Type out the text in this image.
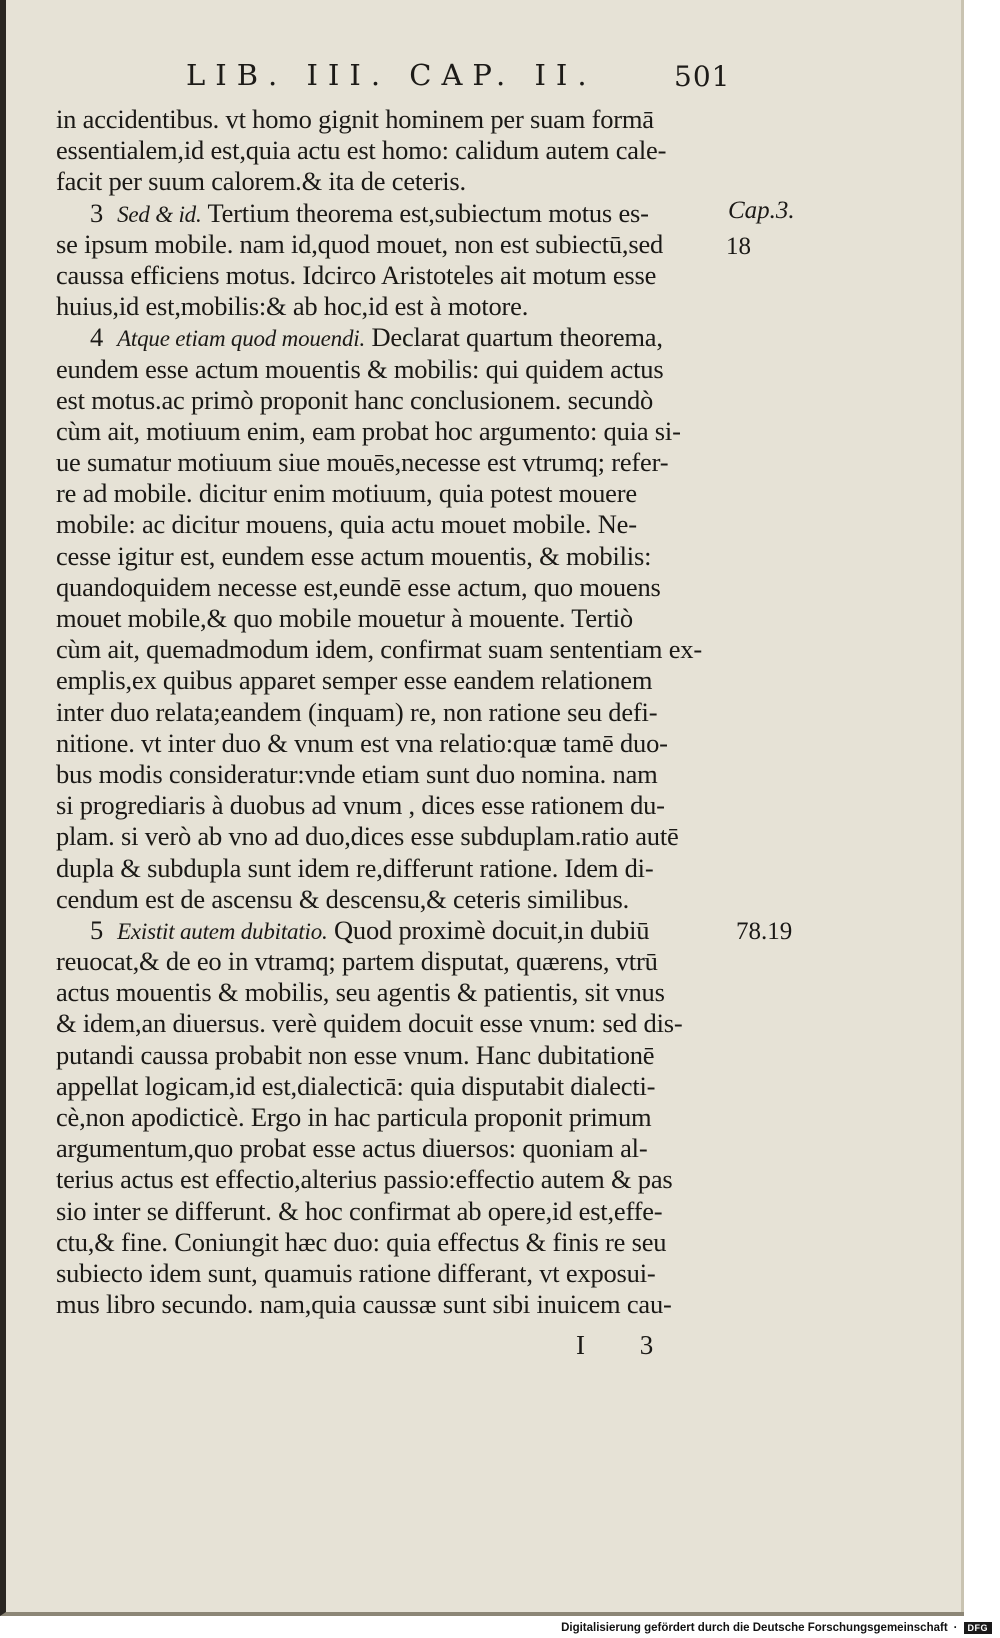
LIB. III. CAP. II.	501
in accidentibus. vt homo gignit hominem per suam formā
essentialem,id est,quia actu est homo: calidum autem cale-
facit per suum calorem.& ita de ceteris.
3 Sed & id. Tertium theorema est,subiectum motus es-
se ipsum mobile. nam id,quod mouet, non est subiectū,sed
caussa efficiens motus. Idcirco Aristoteles ait motum esse
huius,id est,mobilis:& ab hoc,id est à motore.
4 Atque etiam quod mouendi. Declarat quartum theorema,
eundem esse actum mouentis & mobilis: qui quidem actus
est motus.ac primò proponit hanc conclusionem. secundò
cùm ait, motiuum enim, eam probat hoc argumento: quia si-
ue sumatur motiuum siue mouēs,necesse est vtrumq; refer-
re ad mobile. dicitur enim motiuum, quia potest mouere
mobile: ac dicitur mouens, quia actu mouet mobile. Ne-
cesse igitur est, eundem esse actum mouentis, & mobilis:
quandoquidem necesse est,eundē esse actum, quo mouens
mouet mobile,& quo mobile mouetur à mouente. Tertiò
cùm ait, quemadmodum idem, confirmat suam sententiam ex-
emplis,ex quibus apparet semper esse eandem relationem
inter duo relata;eandem (inquam) re, non ratione seu defi-
nitione. vt inter duo & vnum est vna relatio:quæ tamē duo-
bus modis consideratur:vnde etiam sunt duo nomina. nam
si progrediaris à duobus ad vnum , dices esse rationem du-
plam. si verò ab vno ad duo,dices esse subduplam.ratio autē
dupla & subdupla sunt idem re,differunt ratione. Idem di-
cendum est de ascensu & descensu,& ceteris similibus.
5 Existit autem dubitatio. Quod proximè docuit,in dubiū
reuocat,& de eo in vtramq; partem disputat, quærens, vtrū
actus mouentis & mobilis, seu agentis & patientis, sit vnus
& idem,an diuersus. verè quidem docuit esse vnum: sed dis-
putandi caussa probabit non esse vnum. Hanc dubitationē
appellat logicam,id est,dialecticā: quia disputabit dialecti-
cè,non apodicticè. Ergo in hac particula proponit primum
argumentum,quo probat esse actus diuersos: quoniam al-
terius actus est effectio,alterius passio:effectio autem & pas
sio inter se differunt. & hoc confirmat ab opere,id est,effe-
ctu,& fine. Coniungit hæc duo: quia effectus & finis re seu
subiecto idem sunt, quamuis ratione differant, vt exposui-
mus libro secundo. nam,quia caussæ sunt sibi inuicem cau-
Cap.3.
18
78.19
I 3
Digitalisierung gefördert durch die Deutsche Forschungsgemeinschaft ·	DFG
